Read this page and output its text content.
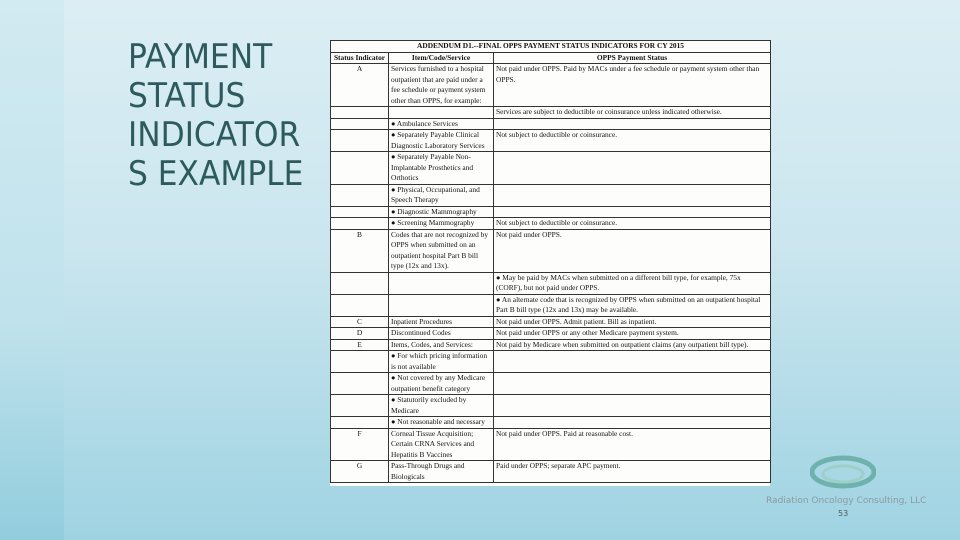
PAYMENT
STATUS
INDICATOR
S EXAMPLE
ADDENDUM D1.--FINAL OPPS PAYMENT STATUS INDICATORS FOR CY 2015		
Status Indicator	Item/Code/Service	OPPS Payment Status
A	Services furnished to a hospital outpatient that are paid under a fee schedule or payment system other than OPPS, for example:	Not paid under OPPS. Paid by MACs under a fee schedule or payment system other than OPPS.
		Services are subject to deductible or coinsurance unless indicated otherwise.
	● Ambulance Services	
	● Separately Payable Clinical Diagnostic Laboratory Services	Not subject to deductible or coinsurance.
	● Separately Payable Non-Implantable Prosthetics and Orthotics	
	● Physical, Occupational, and Speech Therapy	
	● Diagnostic Mammography	
	● Screening Mammography	Not subject to deductible or coinsurance.
B	Codes that are not recognized by OPPS when submitted on an outpatient hospital Part B bill type (12x and 13x).	Not paid under OPPS.
		● May be paid by MACs when submitted on a different bill type, for example, 75x (CORF), but not paid under OPPS.
		● An alternate code that is recognized by OPPS when submitted on an outpatient hospital Part B bill type (12x and 13x) may be available.
C	Inpatient Procedures	Not paid under OPPS. Admit patient. Bill as inpatient.
D	Discontinued Codes	Not paid under OPPS or any other Medicare payment system.
E	Items, Codes, and Services:	Not paid by Medicare when submitted on outpatient claims (any outpatient bill type).
	● For which pricing information is not available	
	● Not covered by any Medicare outpatient benefit category	
	● Statutorily excluded by Medicare	
	● Not reasonable and necessary	
F	Corneal Tissue Acquisition; Certain CRNA Services and Hepatitis B Vaccines	Not paid under OPPS. Paid at reasonable cost.
G	Pass-Through Drugs and Biologicals	Paid under OPPS; separate APC payment.
Radiation Oncology Consulting, LLC
53
